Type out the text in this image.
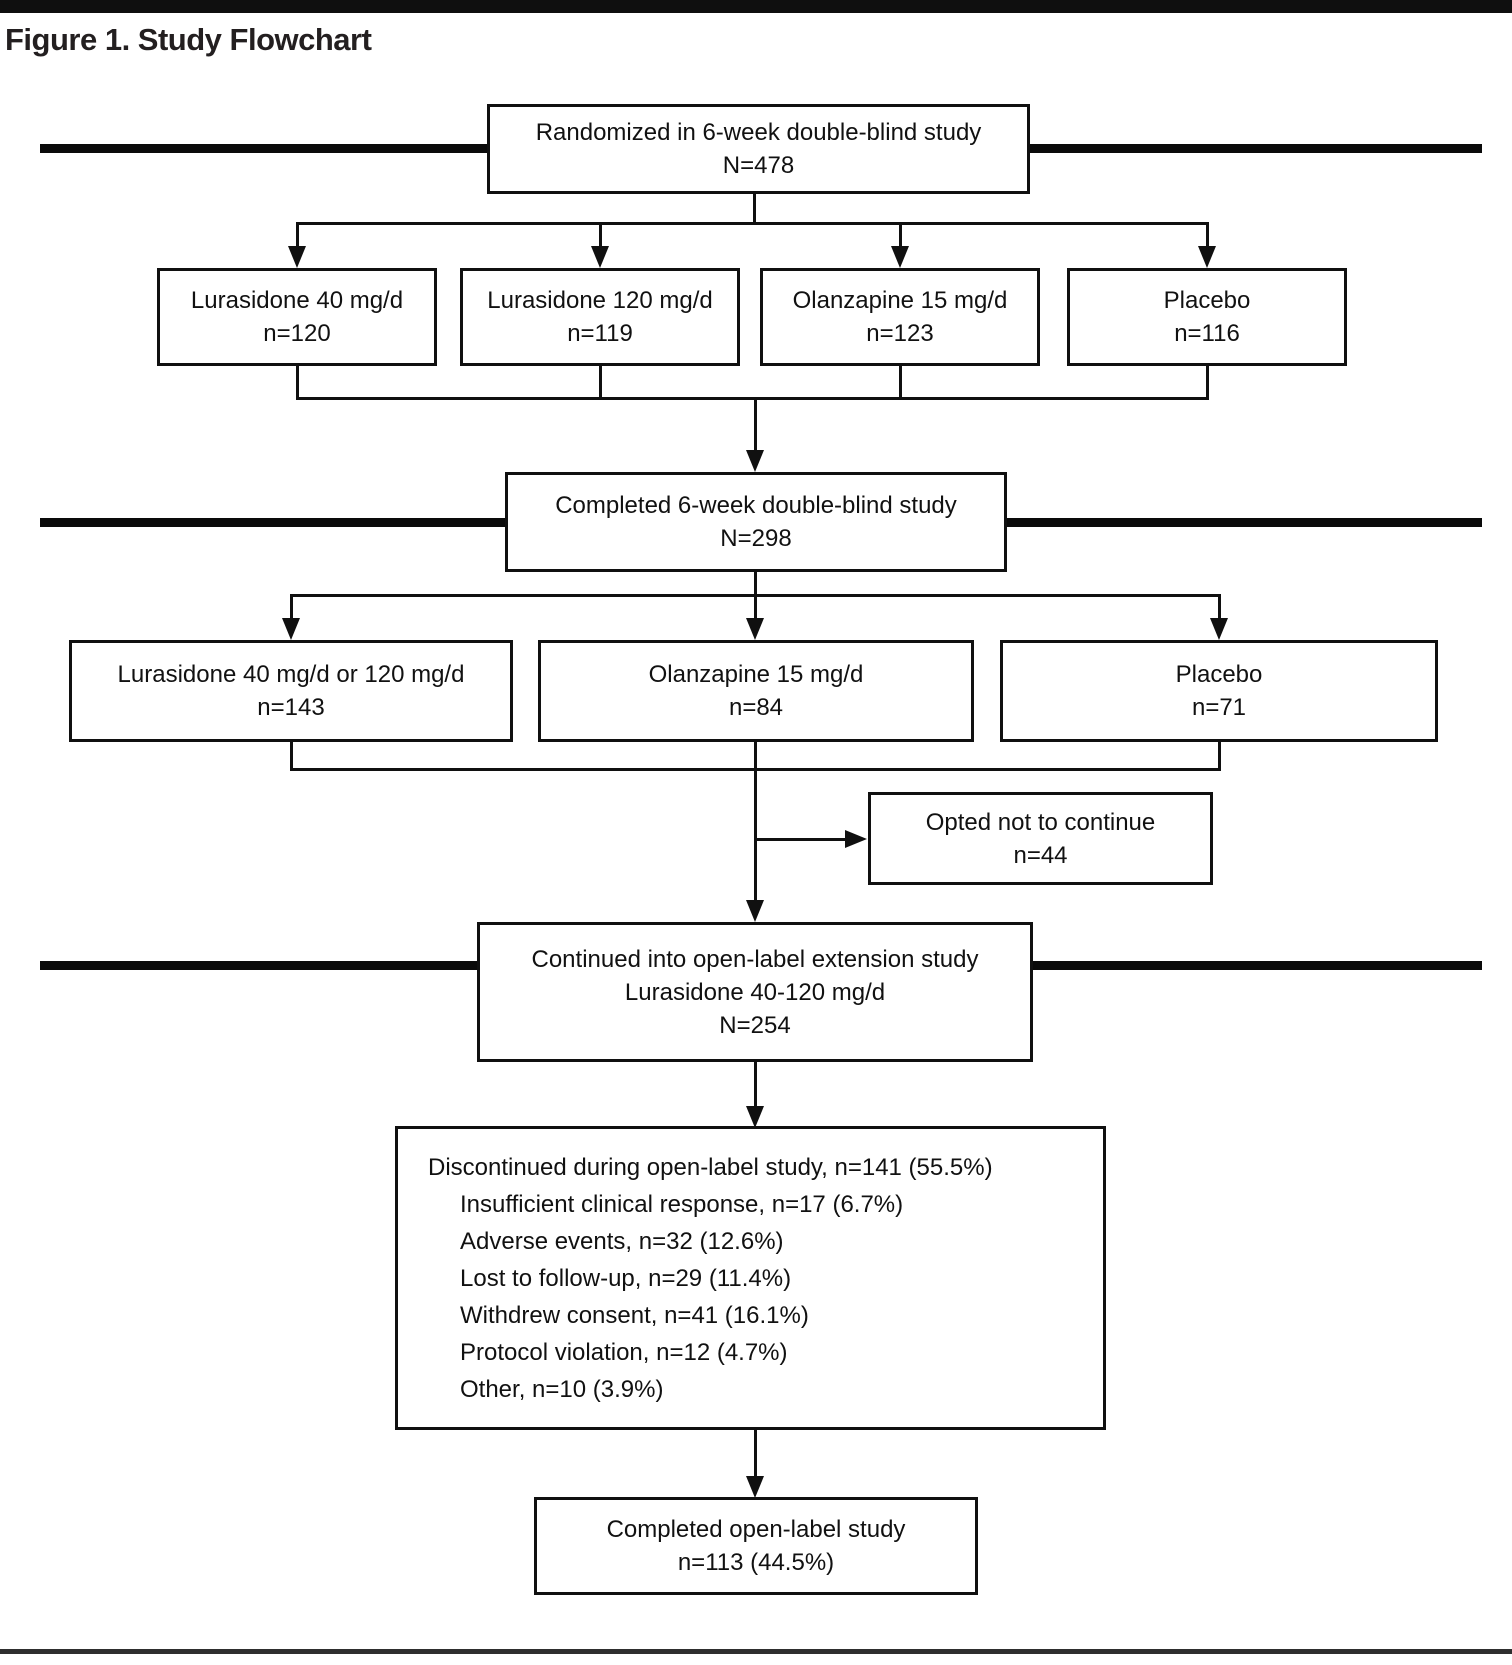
Figure 1. Study Flowchart
Randomized in 6-week double-blind study
N=478
Lurasidone 40 mg/d
n=120
Lurasidone 120 mg/d
n=119
Olanzapine 15 mg/d
n=123
Placebo
n=116
Completed 6-week double-blind study
N=298
Lurasidone 40 mg/d or 120 mg/d
n=143
Olanzapine 15 mg/d
n=84
Placebo
n=71
Opted not to continue
n=44
Continued into open-label extension study
Lurasidone 40-120 mg/d
N=254
Discontinued during open-label study, n=141 (55.5%)
Insufficient clinical response, n=17 (6.7%)
Adverse events, n=32 (12.6%)
Lost to follow-up, n=29 (11.4%)
Withdrew consent, n=41 (16.1%)
Protocol violation, n=12 (4.7%)
Other, n=10 (3.9%)
Completed open-label study
n=113 (44.5%)
